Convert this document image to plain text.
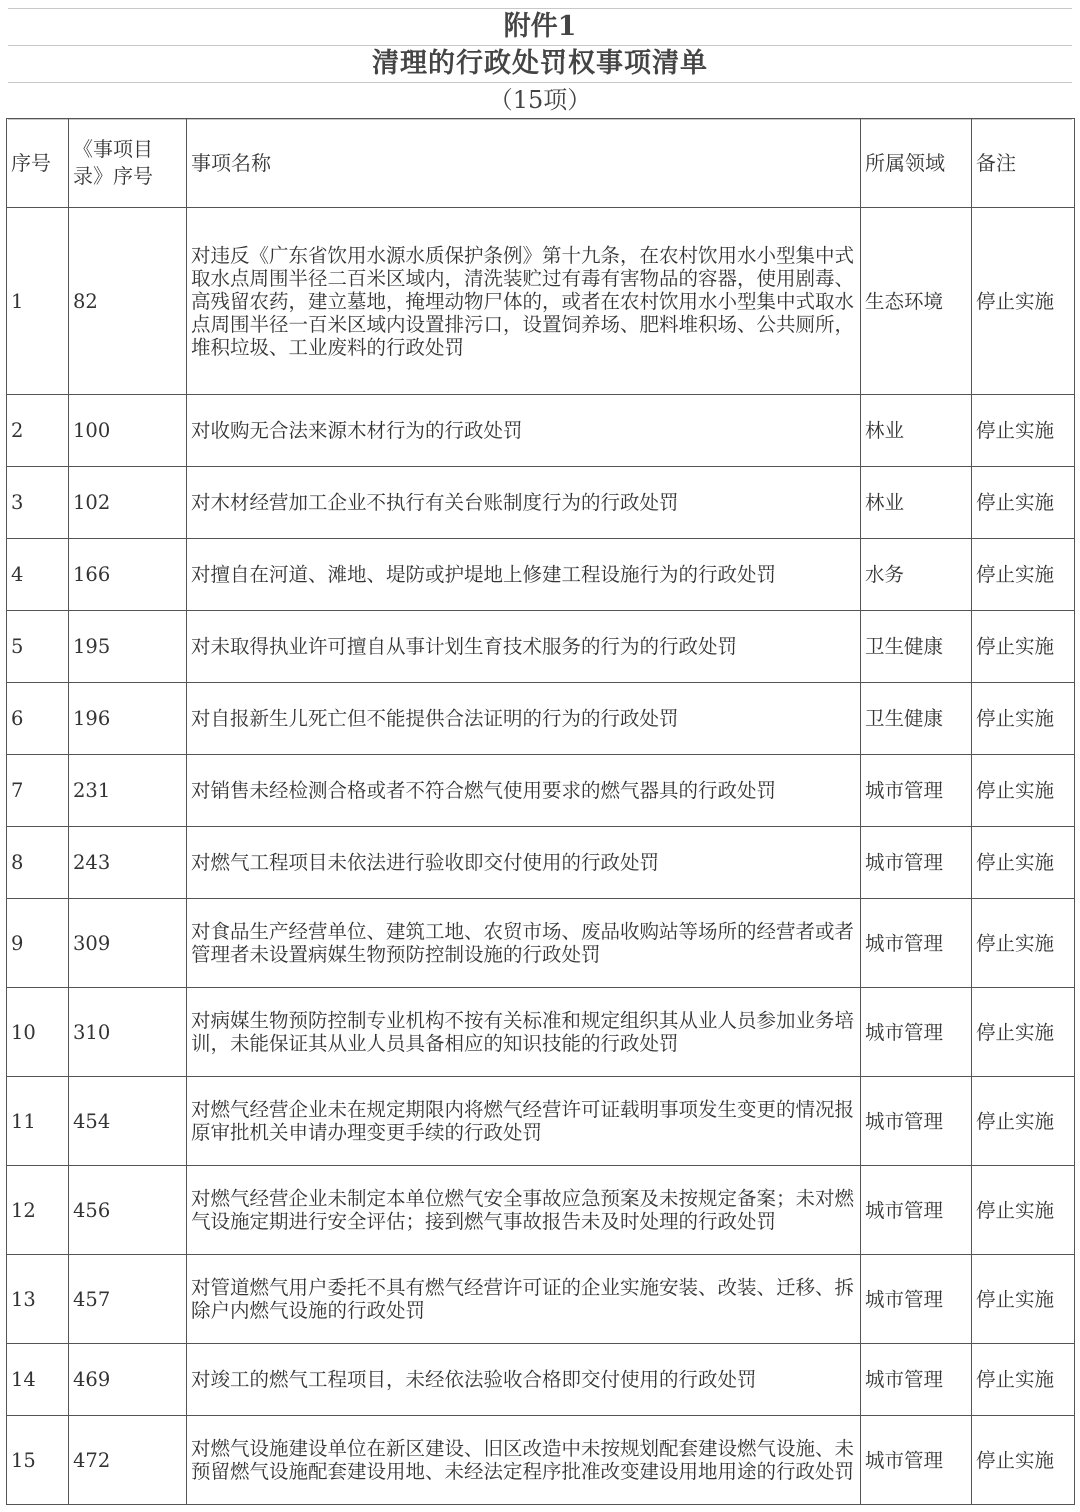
附件1
清理的行政处罚权事项清单
（15项）
序号	《事项目录》序号	事项名称	所属领域	备注
1	82	对违反《广东省饮用水源水质保护条例》第十九条，在农村饮用水小型集中式取水点周围半径二百米区域内，清洗装贮过有毒有害物品的容器，使用剧毒、高残留农药，建立墓地，掩埋动物尸体的，或者在农村饮用水小型集中式取水点周围半径一百米区域内设置排污口，设置饲养场、肥料堆积场、公共厕所，堆积垃圾、工业废料的行政处罚	生态环境	停止实施
2	100	对收购无合法来源木材行为的行政处罚	林业	停止实施
3	102	对木材经营加工企业不执行有关台账制度行为的行政处罚	林业	停止实施
4	166	对擅自在河道、滩地、堤防或护堤地上修建工程设施行为的行政处罚	水务	停止实施
5	195	对未取得执业许可擅自从事计划生育技术服务的行为的行政处罚	卫生健康	停止实施
6	196	对自报新生儿死亡但不能提供合法证明的行为的行政处罚	卫生健康	停止实施
7	231	对销售未经检测合格或者不符合燃气使用要求的燃气器具的行政处罚	城市管理	停止实施
8	243	对燃气工程项目未依法进行验收即交付使用的行政处罚	城市管理	停止实施
9	309	对食品生产经营单位、建筑工地、农贸市场、废品收购站等场所的经营者或者管理者未设置病媒生物预防控制设施的行政处罚	城市管理	停止实施
10	310	对病媒生物预防控制专业机构不按有关标准和规定组织其从业人员参加业务培训，未能保证其从业人员具备相应的知识技能的行政处罚	城市管理	停止实施
11	454	对燃气经营企业未在规定期限内将燃气经营许可证载明事项发生变更的情况报原审批机关申请办理变更手续的行政处罚	城市管理	停止实施
12	456	对燃气经营企业未制定本单位燃气安全事故应急预案及未按规定备案；未对燃气设施定期进行安全评估；接到燃气事故报告未及时处理的行政处罚	城市管理	停止实施
13	457	对管道燃气用户委托不具有燃气经营许可证的企业实施安装、改装、迁移、拆除户内燃气设施的行政处罚	城市管理	停止实施
14	469	对竣工的燃气工程项目，未经依法验收合格即交付使用的行政处罚	城市管理	停止实施
15	472	对燃气设施建设单位在新区建设、旧区改造中未按规划配套建设燃气设施、未预留燃气设施配套建设用地、未经法定程序批准改变建设用地用途的行政处罚	城市管理	停止实施
